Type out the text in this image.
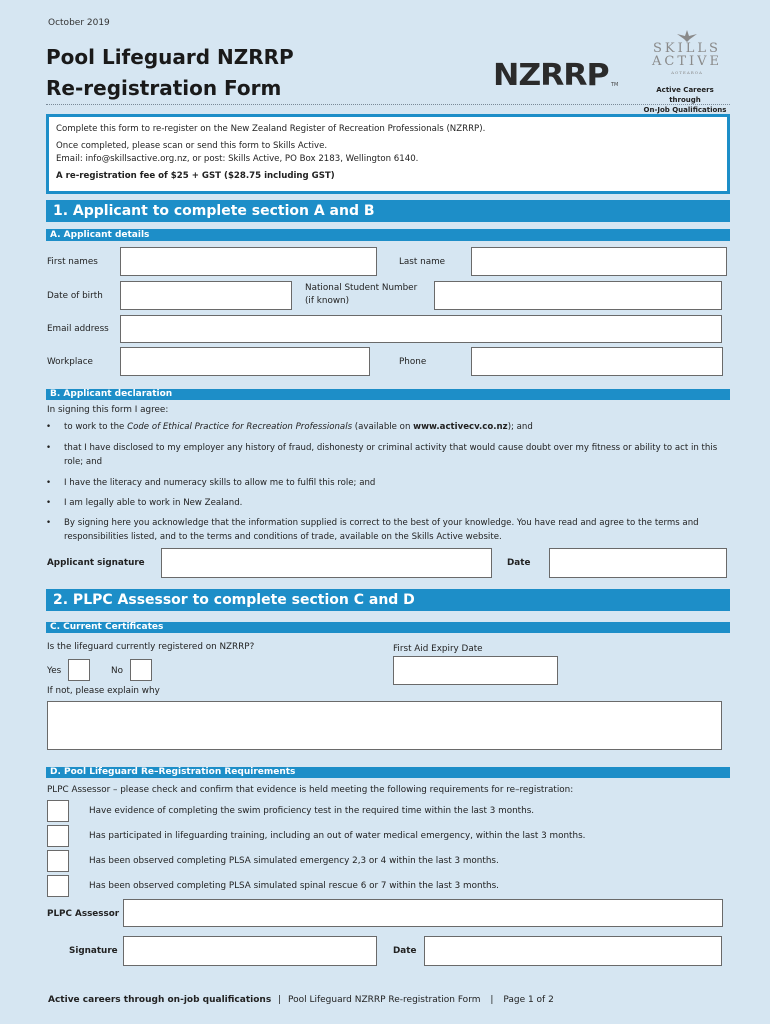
October 2019
Pool Lifeguard NZRRP
Re-registration Form	NZRRP TM
SKILLS
ACTIVE
AOTEAROA
Active Careers through
On-Job Qualifications
Complete this form to re-register on the New Zealand Register of Recreation Professionals (NZRRP).
Once completed, please scan or send this form to Skills Active.
Email: info@skillsactive.org.nz, or post: Skills Active, PO Box 2183, Wellington 6140.
A re-registration fee of $25 + GST ($28.75 including GST)
1. Applicant to complete section A and B
A. Applicant details
First names	Last name
Date of birth
National Student Number
(if known)
Email address
Workplace	Phone
B. Applicant declaration
In signing this form I agree:
• to work to the Code of Ethical Practice for Recreation Professionals (available on www.activecv.co.nz); and
• that I have disclosed to my employer any history of fraud, dishonesty or criminal activity that would cause doubt over my fitness or ability to act in this role; and
• I have the literacy and numeracy skills to allow me to fulfil this role; and
• I am legally able to work in New Zealand.
• By signing here you acknowledge that the information supplied is correct to the best of your knowledge. You have read and agree to the terms and responsibilities listed, and to the terms and conditions of trade, available on the Skills Active website.
Applicant signature	Date
2. PLPC Assessor to complete section C and D
C. Current Certificates
Is the lifeguard currently registered on NZRRP?	First Aid Expiry Date
Yes	No
If not, please explain why
D. Pool Lifeguard Re–Registration Requirements
PLPC Assessor – please check and confirm that evidence is held meeting the following requirements for re–registration:
Have evidence of completing the swim proficiency test in the required time within the last 3 months.
Has participated in lifeguarding training, including an out of water medical emergency, within the last 3 months.
Has been observed completing PLSA simulated emergency 2,3 or 4 within the last 3 months.
Has been observed completing PLSA simulated spinal rescue 6 or 7 within the last 3 months.
PLPC Assessor
Signature	Date
Active careers through on-job qualifications | Pool Lifeguard NZRRP Re-registration Form | Page 1 of 2
